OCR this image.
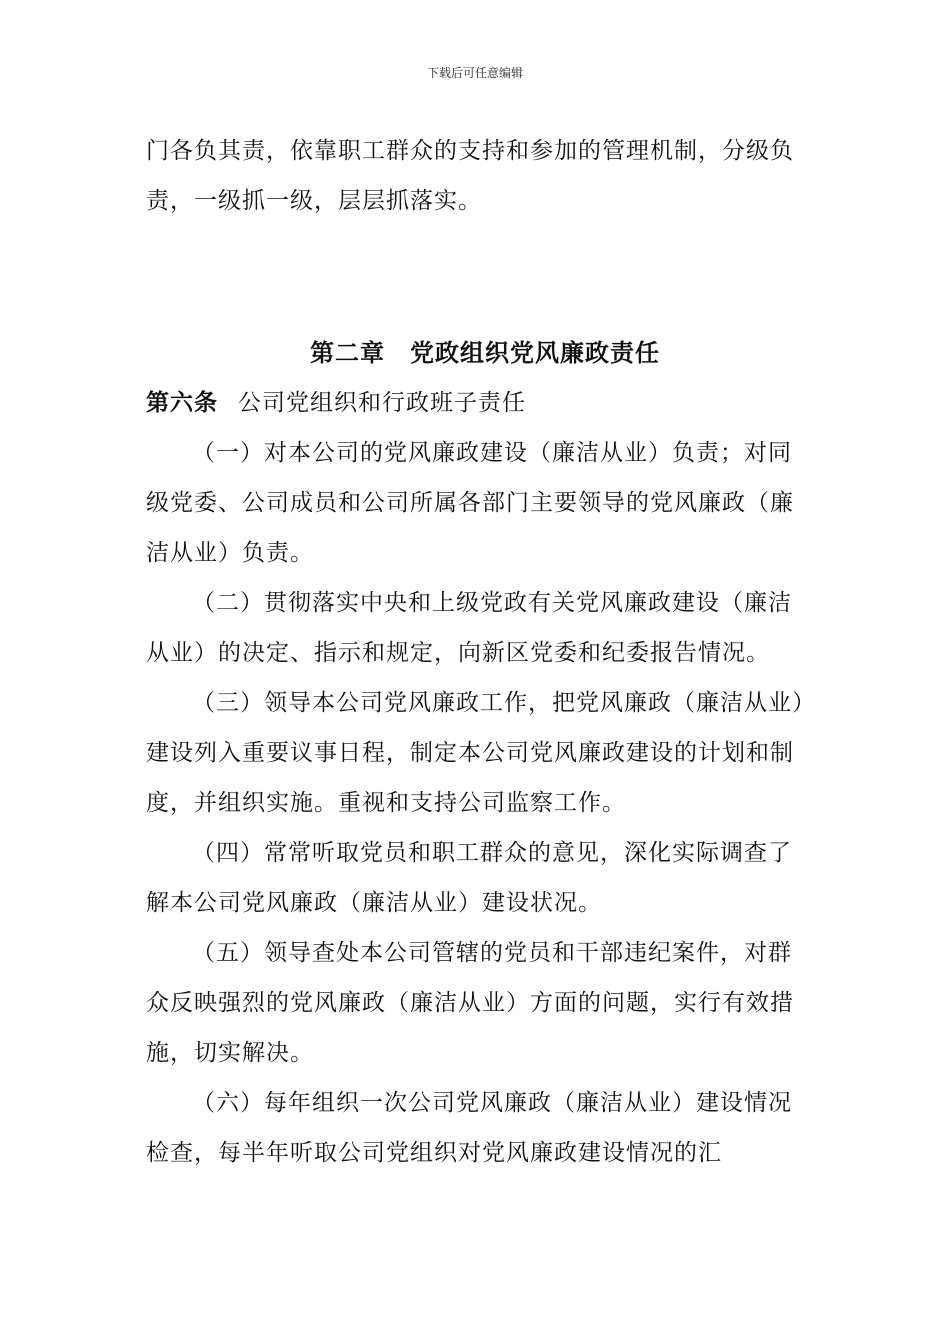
下载后可任意编辑

门各负其责，依靠职工群众的支持和参加的管理机制，分级负责，一级抓一级，层层抓落实。

第二章　党政组织党风廉政责任

第六条 公司党组织和行政班子责任

（一）对本公司的党风廉政建设（廉洁从业）负责；对同级党委、公司成员和公司所属各部门主要领导的党风廉政（廉洁从业）负责。

（二）贯彻落实中央和上级党政有关党风廉政建设（廉洁从业）的决定、指示和规定，向新区党委和纪委报告情况。

（三）领导本公司党风廉政工作，把党风廉政（廉洁从业）建设列入重要议事日程，制定本公司党风廉政建设的计划和制度，并组织实施。重视和支持公司监察工作。

（四）常常听取党员和职工群众的意见，深化实际调查了解本公司党风廉政（廉洁从业）建设状况。

（五）领导查处本公司管辖的党员和干部违纪案件，对群众反映强烈的党风廉政（廉洁从业）方面的问题，实行有效措施，切实解决。

（六）每年组织一次公司党风廉政（廉洁从业）建设情况检查，每半年听取公司党组织对党风廉政建设情况的汇
